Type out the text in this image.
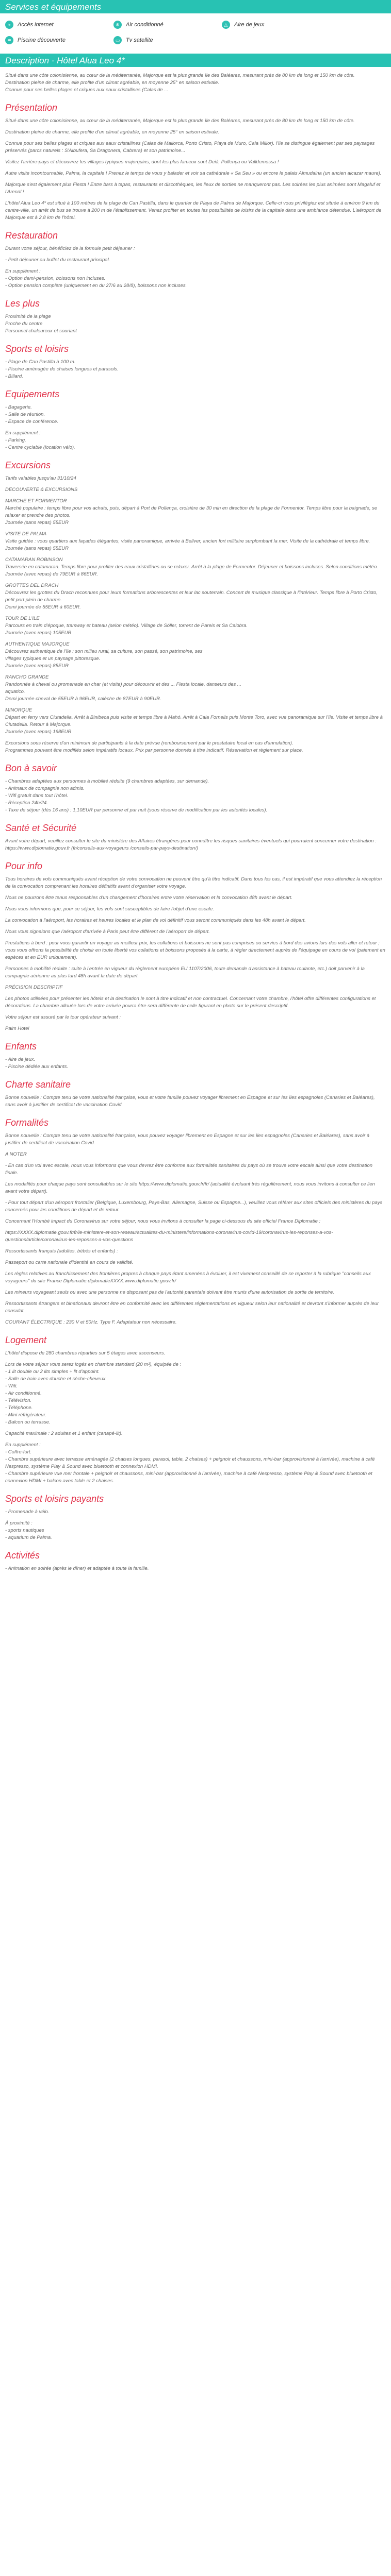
Services et équipements
≈	Accès internet	❄	Air conditionné	△	Aire de jeux
♒	Piscine découverte	▭	Tv satellite
Description - Hôtel Alua Leo 4*

Situé dans une côte colonisienne, au cœur de la méditerranée, Majorque est la plus grande île des Baléares, mesurant près de 80 km de long et 150 km de côte.

Destination pleine de charme, elle profite d'un climat agréable, en moyenne 25° en saison estivale.

Connue pour ses belles plages et criques aux eaux cristallines (Calas de ...

Présentation

Situé dans une côte colonisienne, au cœur de la méditerranée, Majorque est la plus grande île des Baléares, mesurant près de 80 km de long et 150 km de côte.

Destination pleine de charme, elle profite d'un climat agréable, en moyenne 25° en saison estivale.

Connue pour ses belles plages et criques aux eaux cristallines (Calas de Mallorca, Porto Cristo, Playa de Muro, Cala Millor). l'île se distingue également par ses paysages préservés (parcs naturels : S'Albufera, Sa Dragonera, Cabrera) et son patrimoine...

Visitez l'arrière-pays et découvrez les villages typiques majorquins, dont les plus fameux sont Deià, Pollença ou Valldemossa !

Autre visite incontournable, Palma, la capitale ! Prenez le temps de vous y balader et voir sa cathédrale « Sa Seu » ou encore le palais Almudaina (un ancien alcazar maure).

Majorque s'est également plus Fiesta ! Entre bars à tapas, restaurants et discothèques, les lieux de sorties ne manqueront pas. Les soirées les plus animées sont Magaluf et l'Arenal !

L'hôtel Alua Leo 4* est situé à 100 mètres de la plage de Can Pastilla, dans le quartier de Playa de Palma de Majorque. Celle-ci vous privilégiez est située à environ 9 km du centre-ville, un arrêt de bus se trouve à 200 m de l'établissement. Venez profiter en toutes les possibilités de loisirs de la capitale dans une ambiance détendue. L'aéroport de Majorque est à 2,8 km de l'hôtel.

Restauration
Durant votre séjour, bénéficiez de la formule petit déjeuner :
- Petit déjeuner au buffet du restaurant principal.
En supplément :
- Option demi-pension, boissons non incluses.
- Option pension complète (uniquement en du 27/6 au 28/8), boissons non incluses.
Les plus
Proximité de la plage
Proche du centre
Personnel chaleureux et souriant
Sports et loisirs
- Plage de Can Pastilla à 100 m.
- Piscine aménagée de chaises longues et parasols.
- Billard.
Equipements
- Bagagerie.
- Salle de réunion.
- Espace de conférence.
En supplément :
- Parking.
- Centre cyclable (location vélo).
Excursions
Tarifs valables jusqu'au 31/10/24
DECOUVERTE & EXCURSIONS
MARCHE ET FORMENTOR
Marché populaire : temps libre pour vos achats, puis, départ à Port de Pollença, croisière de 30 min en direction de la plage de Formentor. Temps libre pour la baignade, se relaxer et prendre des photos.
Journée (sans repas) 55EUR
VISITE DE PALMA
Visite guidée : vous quartiers aux façades élégantes, visite panoramique, arrivée à Bellver, ancien fort militaire surplombant la mer. Visite de la cathédrale et temps libre. Journée (sans repas) 55EUR
CATAMARAN ROBINSON
Traversée en catamaran. Temps libre pour profiter des eaux cristallines ou se relaxer. Arrêt à la plage de Formentor. Déjeuner et boissons incluses. Selon conditions météo. Journée (avec repas) de 79EUR à 86EUR.
GROTTES DEL DRACH
Découvrez les grottes du Drach reconnues pour leurs formations arborescentes et leur lac souterrain. Concert de musique classique à l'intérieur. Temps libre à Porto Cristo, petit port plein de charme.
Demi journée de 55EUR à 60EUR.
TOUR DE L'ILE
Parcours en train d'époque, tramway et bateau (selon météo). Village de Sóller, torrent de Pareis et Sa Calobra.
Journée (avec repas) 105EUR
AUTHENTIQUE MAJORQUE
Découvrez authentique de l'île : son milieu rural, sa culture, son passé, son patrimoine, ses
villages typiques et un paysage pittoresque.
Journée (avec repas) 85EUR
RANCHO GRANDE
Randonnée à cheval ou promenade en char (et visite) pour découvrir et des ... Fiesta locale, danseurs des ...
aquatico.
Demi journée cheval de 55EUR à 96EUR, calèche de 87EUR à 90EUR.
MINORQUE
Départ en ferry vers Ciutadella. Arrêt à Binibeca puis visite et temps libre à Mahó. Arrêt à Cala Fornells puis Monte Toro, avec vue panoramique sur l'île. Visite et temps libre à Ciutadella. Retour à Majorque.
Journée (avec repas) 198EUR
Excursions sous réserve d'un minimum de participants à la date prévue (remboursement par le prestataire local en cas d'annulation).
Programmes pouvant être modifiés selon impératifs locaux. Prix par personne donnés à titre indicatif. Réservation et règlement sur place.
Bon à savoir
- Chambres adaptées aux personnes à mobilité réduite (9 chambres adaptées, sur demande).
- Animaux de compagnie non admis.
- Wifi gratuit dans tout l'hôtel.
- Réception 24h/24.
- Taxe de séjour (dès 16 ans) : 1,10EUR par personne et par nuit (sous réserve de modification par les autorités locales).
Santé et Sécurité

Avant votre départ, veuillez consulter le site du ministère des Affaires étrangères pour connaître les risques sanitaires éventuels qui pourraient concerner votre destination : https://www.diplomatie.gouv.fr (fr/conseils-aux-voyageurs /conseils-par-pays-destination/)

Pour info

Tous horaires de vols communiqués avant réception de votre convocation ne peuvent être qu'à titre indicatif. Dans tous les cas, il est impératif que vous attendiez la réception de la convocation comprenant les horaires définitifs avant d'organiser votre voyage.

Nous ne pourrons être tenus responsables d'un changement d'horaires entre votre réservation et la convocation 48h avant le départ.

Nous vous informons que, pour ce séjour, les vols sont susceptibles de faire l'objet d'une escale.

La convocation à l'aéroport, les horaires et heures locales et le plan de vol définitif vous seront communiqués dans les 48h avant le départ.

Nous vous signalons que l'aéroport d'arrivée à Paris peut être différent de l'aéroport de départ.

Prestations à bord : pour vous garantir un voyage au meilleur prix, les collations et boissons ne sont pas comprises ou servies à bord des avions lors des vols aller et retour ; vous vous offrons la possibilité de choisir en toute liberté vos collations et boissons proposés à la carte, à régler directement auprès de l'équipage en cours de vol (paiement en espèces et en EUR uniquement).

Personnes à mobilité réduite : suite à l'entrée en vigueur du règlement européen EU 1107/2006, toute demande d'assistance à bateau roulante, etc.) doit parvenir à la compagnie aérienne au plus tard 48h avant la date de départ.

PRÉCISION DESCRIPTIF

Les photos utilisées pour présenter les hôtels et la destination le sont à titre indicatif et non contractuel. Concernant votre chambre, l'hôtel offre différentes configurations et décorations. La chambre allouée lors de votre arrivée pourra être sera différente de celle figurant en photo sur le présent descriptif.

Votre séjour est assuré par le tour opérateur suivant :

Palm Hotel

Enfants
- Aire de jeux.
- Piscine dédiée aux enfants.
Charte sanitaire

Bonne nouvelle : Compte tenu de votre nationalité française, vous et votre famille pouvez voyager librement en Espagne et sur les îles espagnoles (Canaries et Baléares), sans avoir à justifier de certificat de vaccination Covid.

Formalités

Bonne nouvelle : Compte tenu de votre nationalité française, vous pouvez voyager librement en Espagne et sur les îles espagnoles (Canaries et Baléares), sans avoir à justifier de certificat de vaccination Covid.

A NOTER

- En cas d'un vol avec escale, nous vous informons que vous devrez être conforme aux formalités sanitaires du pays où se trouve votre escale ainsi que votre destination finale.

Les modalités pour chaque pays sont consultables sur le site https://www.diplomatie.gouv.fr/fr/ (actualité évoluant très régulièrement, nous vous invitons à consulter ce lien avant votre départ).

- Pour tout départ d'un aéroport frontalier (Belgique, Luxembourg, Pays-Bas, Allemagne, Suisse ou Espagne...), veuillez vous référer aux sites officiels des ministères du pays concernés pour les conditions de départ et de retour.

Concernant l'Hombé impact du Coronavirus sur votre séjour, nous vous invitons à consulter la page ci-dessous du site officiel France Diplomatie :

https://XXXX.diplomatie.gouv.fr/fr/le-ministere-et-son-reseau/actualites-du-ministere/informations-coronavirus-covid-19/coronavirus-les-reponses-a-vos-questions/article/coronavirus-les-reponses-a-vos-questions

Ressortissants français (adultes, bébés et enfants) :

Passeport ou carte nationale d'identité en cours de validité.

Les règles relatives au franchissement des frontières propres à chaque pays étant amenées à évoluer, il est vivement conseillé de se reporter à la rubrique "conseils aux voyageurs" du site France Diplomatie.diplomatieXXXX.www.diplomatie.gouv.fr/

Les mineurs voyageant seuls ou avec une personne ne disposant pas de l'autorité parentale doivent être munis d'une autorisation de sortie de territoire.

Ressortissants étrangers et binationaux devront être en conformité avec les différentes réglementations en vigueur selon leur nationalité et devront s'informer auprès de leur consulat.

COURANT ÉLECTRIQUE : 230 V et 50Hz. Type F. Adaptateur non nécessaire.

Logement
L'hôtel dispose de 280 chambres réparties sur 5 étages avec ascenseurs.
Lors de votre séjour vous serez logés en chambre standard (20 m²), équipée de :
- 1 lit double ou 2 lits simples + lit d'appoint.
- Salle de bain avec douche et sèche-cheveux.
- Wifi.
- Air conditionné.
- Télévision.
- Téléphone.
- Mini réfrigérateur.
- Balcon ou terrasse.
Capacité maximale : 2 adultes et 1 enfant (canapé-lit).
En supplément :
- Coffre-fort.
- Chambre supérieure avec terrasse aménagée (2 chaises longues, parasol, table, 2 chaises) + peignoir et chaussons, mini-bar (approvisionné à l'arrivée), machine à café Nespresso, système Play & Sound avec bluetooth et connexion HDMI.
- Chambre supérieure vue mer frontale + peignoir et chaussons, mini-bar (approvisionné à l'arrivée), machine à café Nespresso, système Play & Sound avec bluetooth et connexion HDMI + balcon avec table et 2 chaises.
Sports et loisirs payants
- Promenade à vélo.
À proximité :
- sports nautiques
- aquarium de Palma.
Activités
- Animation en soirée (après le dîner) et adaptée à toute la famille.
